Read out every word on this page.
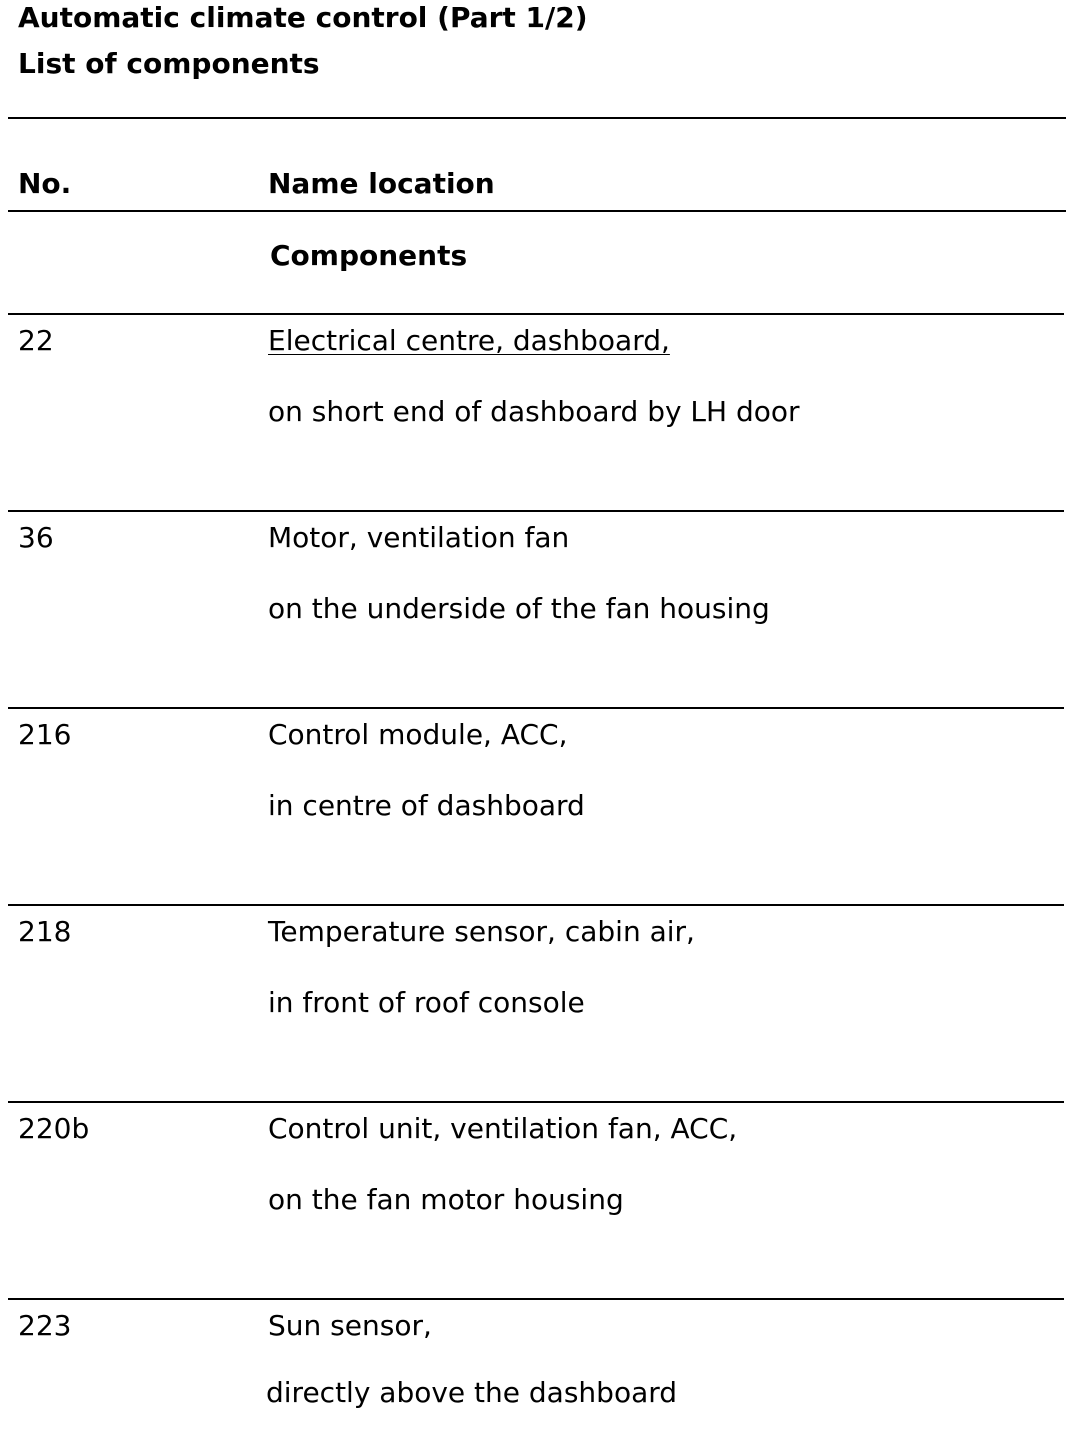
Automatic climate control (Part 1/2)
List of components
No.	Name location
Components
22	Electrical centre, dashboard,
on short end of dashboard by LH door
36	Motor, ventilation fan
on the underside of the fan housing
216	Control module, ACC,
in centre of dashboard
218	Temperature sensor, cabin air,
in front of roof console
220b	Control unit, ventilation fan, ACC,
on the fan motor housing
223	Sun sensor,
directly above the dashboard
